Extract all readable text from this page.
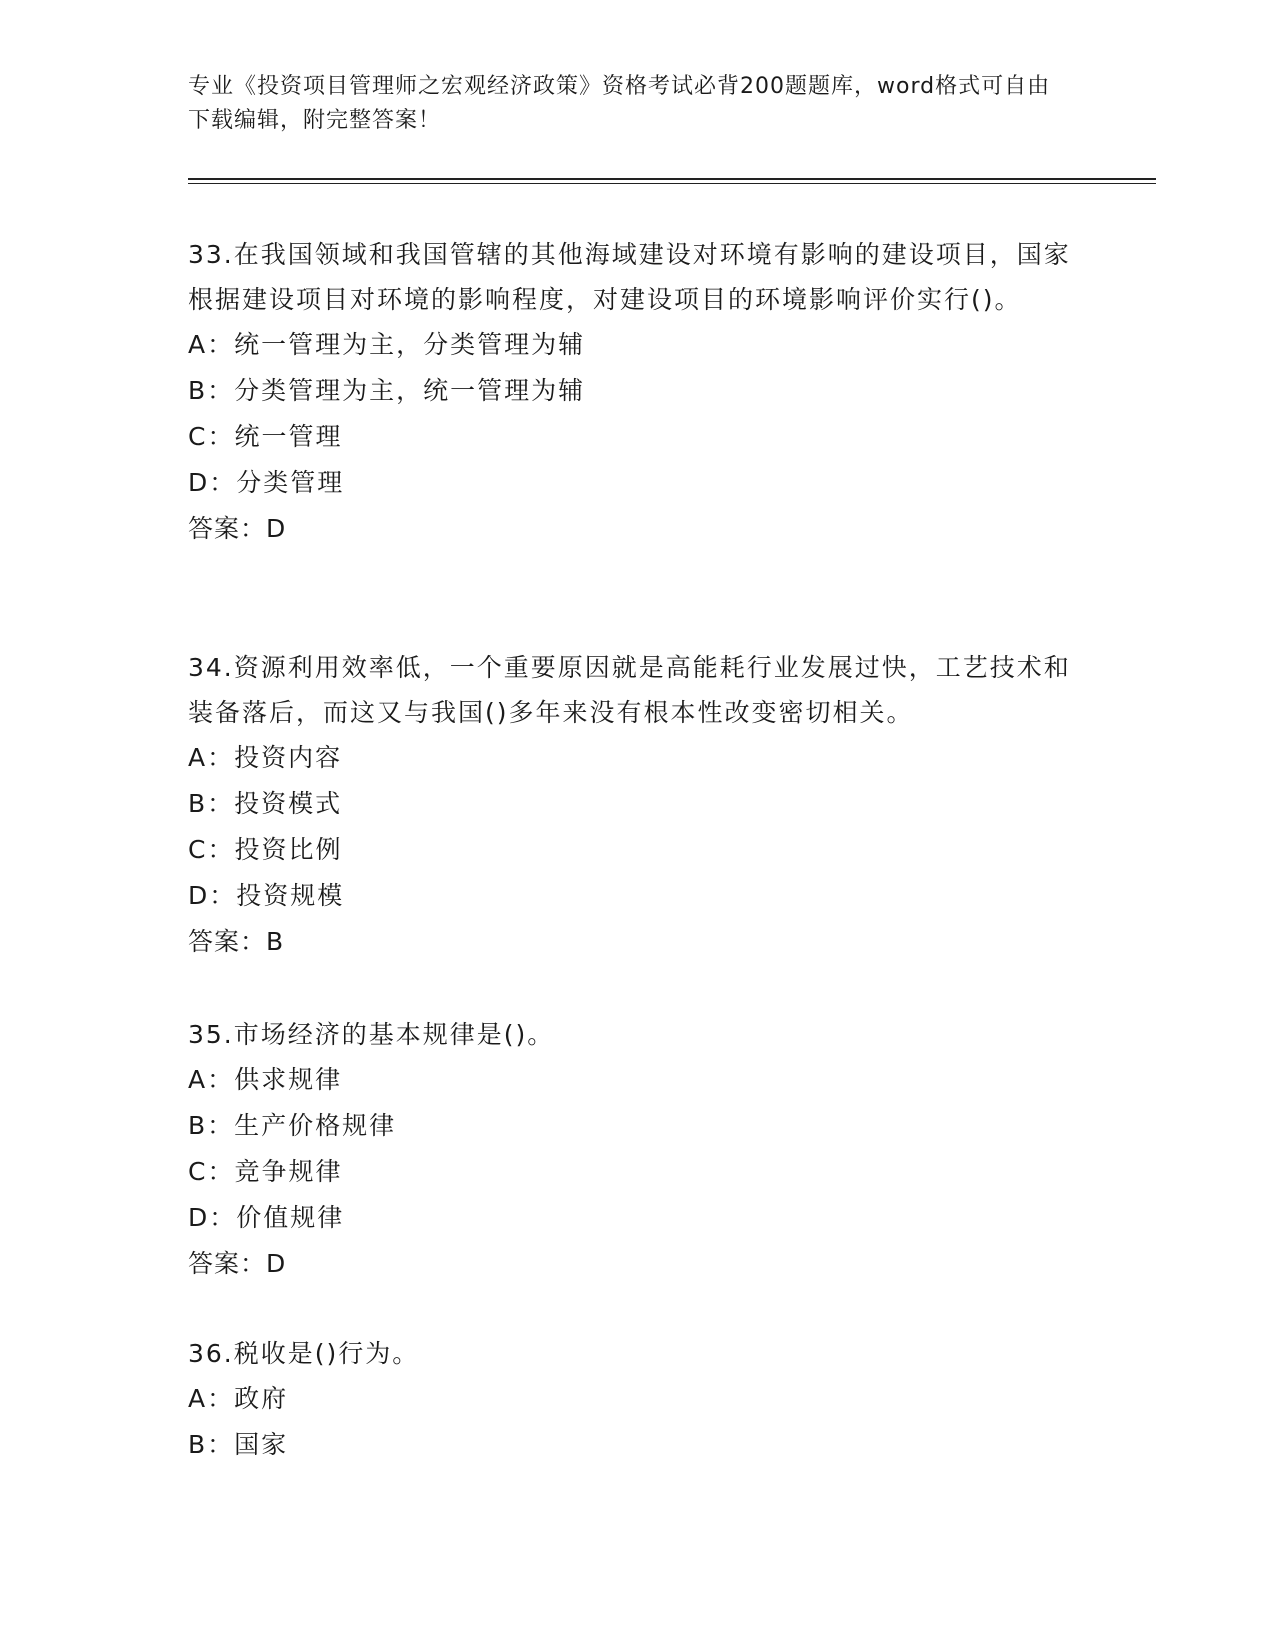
专业《投资项目管理师之宏观经济政策》资格考试必背200题题库，word格式可自由下载编辑，附完整答案！

33.在我国领域和我国管辖的其他海域建设对环境有影响的建设项目，国家根据建设项目对环境的影响程度，对建设项目的环境影响评价实行()。

A：统一管理为主，分类管理为辅

B：分类管理为主，统一管理为辅

C：统一管理

D：分类管理

答案：D

34.资源利用效率低，一个重要原因就是高能耗行业发展过快，工艺技术和装备落后，而这又与我国()多年来没有根本性改变密切相关。

A：投资内容

B：投资模式

C：投资比例

D：投资规模

答案：B

35.市场经济的基本规律是()。

A：供求规律

B：生产价格规律

C：竞争规律

D：价值规律

答案：D

36.税收是()行为。

A：政府

B：国家
